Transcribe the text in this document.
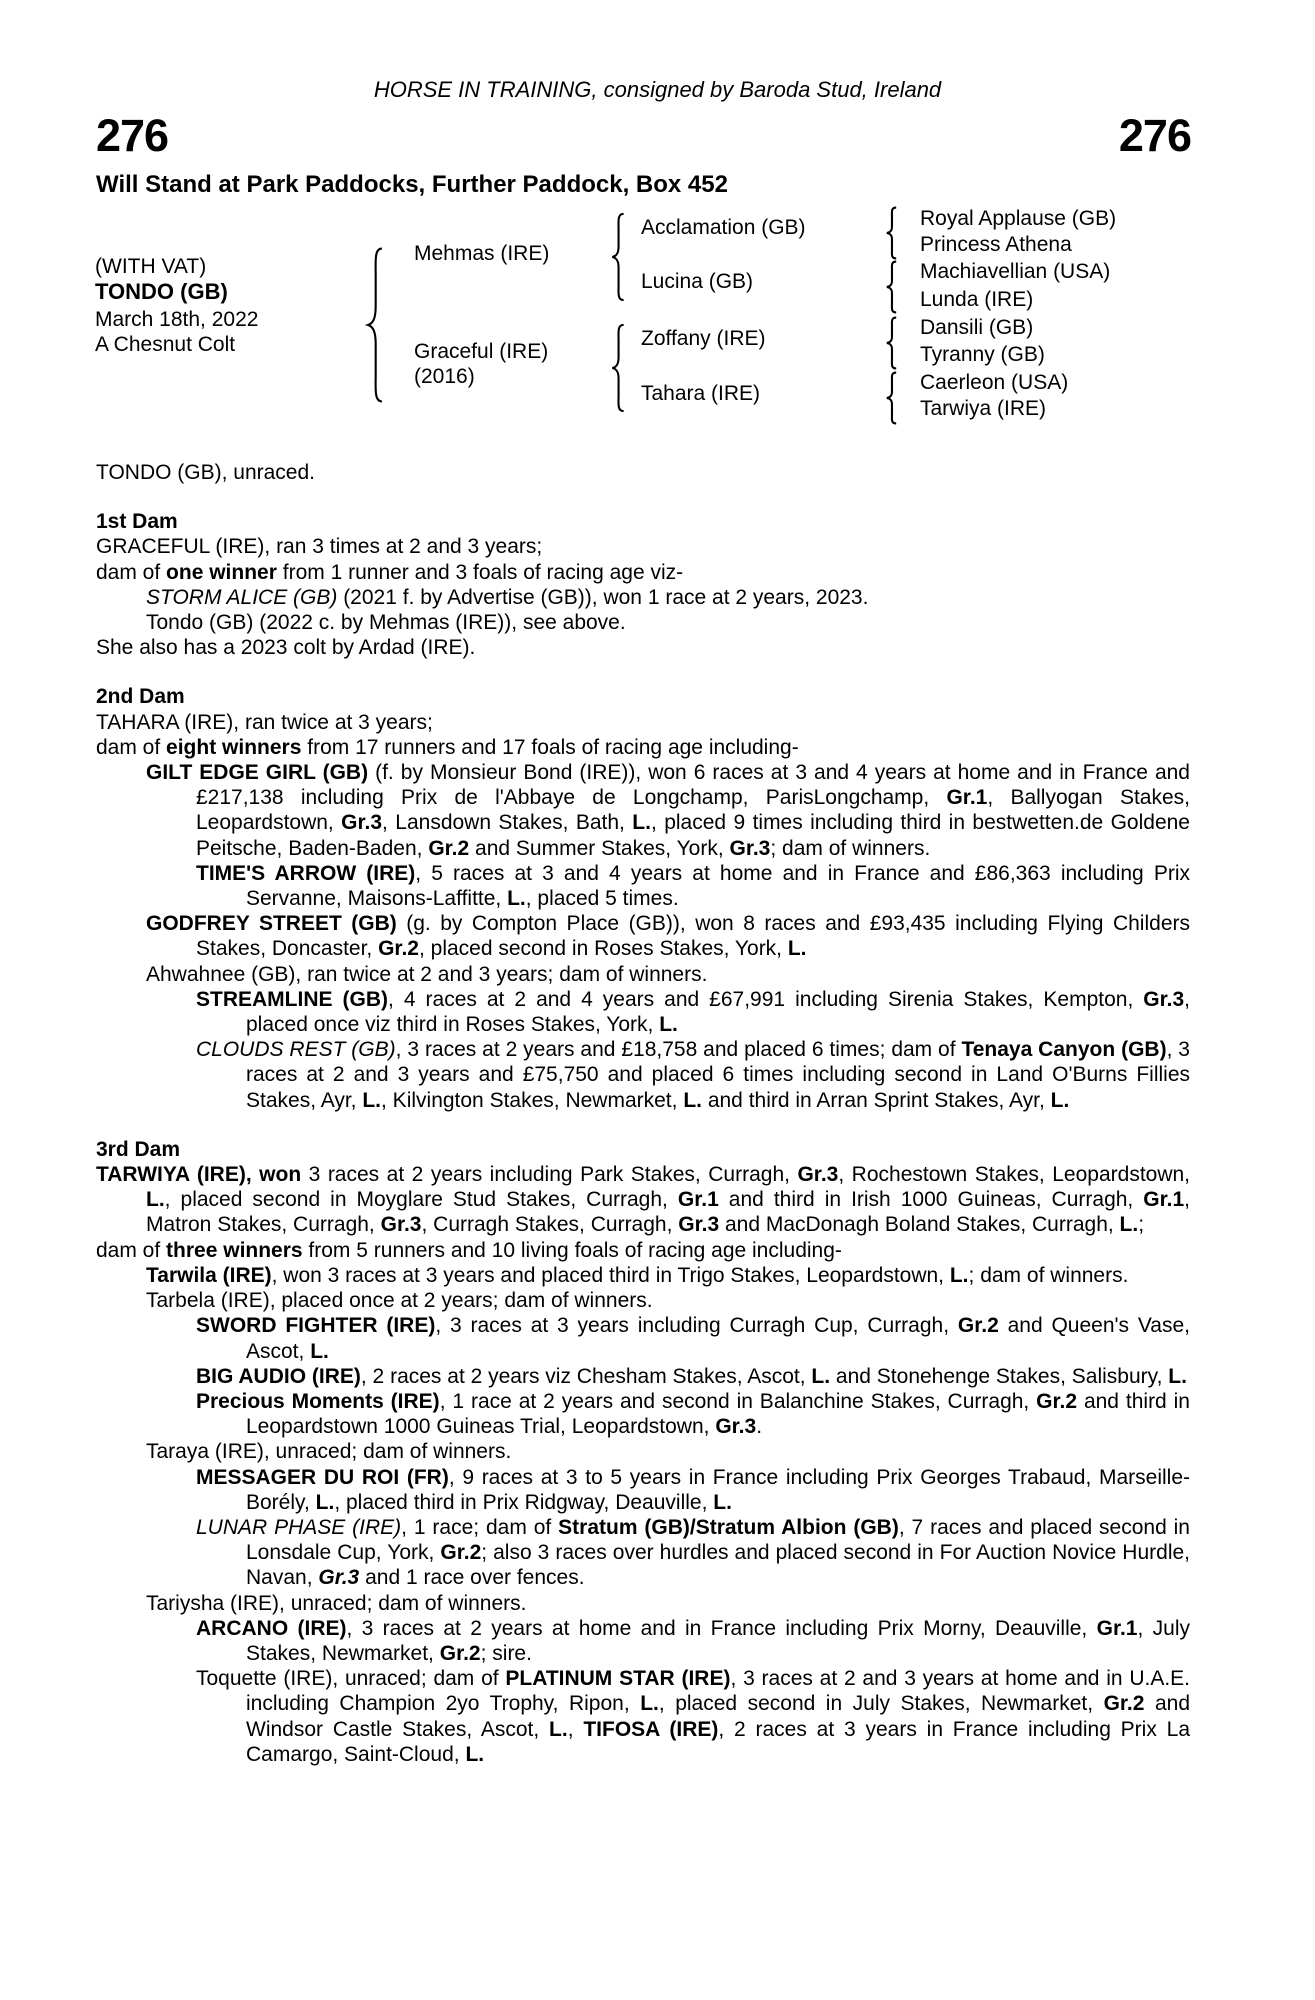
HORSE IN TRAINING, consigned by Baroda Stud, Ireland
276	276
Will Stand at Park Paddocks, Further Paddock, Box 452
(WITH VAT)
TONDO (GB)
March 18th, 2022
A Chesnut Colt
Mehmas (IRE)
Graceful (IRE)
(2016)
Acclamation (GB)
Lucina (GB)
Zoffany (IRE)
Tahara (IRE)
Royal Applause (GB)
Princess Athena
Machiavellian (USA)
Lunda (IRE)
Dansili (GB)
Tyranny (GB)
Caerleon (USA)
Tarwiya (IRE)

TONDO (GB), unraced.

1st Dam

GRACEFUL (IRE), ran 3 times at 2 and 3 years;

dam of one winner from 1 runner and 3 foals of racing age viz-

STORM ALICE (GB) (2021 f. by Advertise (GB)), won 1 race at 2 years, 2023.

Tondo (GB) (2022 c. by Mehmas (IRE)), see above.

She also has a 2023 colt by Ardad (IRE).

2nd Dam

TAHARA (IRE), ran twice at 3 years;

dam of eight winners from 17 runners and 17 foals of racing age including-

GILT EDGE GIRL (GB) (f. by Monsieur Bond (IRE)), won 6 races at 3 and 4 years at home and in France and £217,138 including Prix de l'Abbaye de Longchamp, ParisLongchamp, Gr.1, Ballyogan Stakes, Leopardstown, Gr.3, Lansdown Stakes, Bath, L., placed 9 times including third in bestwetten.de Goldene Peitsche, Baden-Baden, Gr.2 and Summer Stakes, York, Gr.3; dam of winners.

TIME'S ARROW (IRE), 5 races at 3 and 4 years at home and in France and £86,363 including Prix Servanne, Maisons-Laffitte, L., placed 5 times.

GODFREY STREET (GB) (g. by Compton Place (GB)), won 8 races and £93,435 including Flying Childers Stakes, Doncaster, Gr.2, placed second in Roses Stakes, York, L.

Ahwahnee (GB), ran twice at 2 and 3 years; dam of winners.

STREAMLINE (GB), 4 races at 2 and 4 years and £67,991 including Sirenia Stakes, Kempton, Gr.3, placed once viz third in Roses Stakes, York, L.

CLOUDS REST (GB), 3 races at 2 years and £18,758 and placed 6 times; dam of Tenaya Canyon (GB), 3 races at 2 and 3 years and £75,750 and placed 6 times including second in Land O'Burns Fillies Stakes, Ayr, L., Kilvington Stakes, Newmarket, L. and third in Arran Sprint Stakes, Ayr, L.

3rd Dam

TARWIYA (IRE), won 3 races at 2 years including Park Stakes, Curragh, Gr.3, Rochestown Stakes, Leopardstown, L., placed second in Moyglare Stud Stakes, Curragh, Gr.1 and third in Irish 1000 Guineas, Curragh, Gr.1, Matron Stakes, Curragh, Gr.3, Curragh Stakes, Curragh, Gr.3 and MacDonagh Boland Stakes, Curragh, L.;

dam of three winners from 5 runners and 10 living foals of racing age including-

Tarwila (IRE), won 3 races at 3 years and placed third in Trigo Stakes, Leopardstown, L.; dam of winners.

Tarbela (IRE), placed once at 2 years; dam of winners.

SWORD FIGHTER (IRE), 3 races at 3 years including Curragh Cup, Curragh, Gr.2 and Queen's Vase, Ascot, L.

BIG AUDIO (IRE), 2 races at 2 years viz Chesham Stakes, Ascot, L. and Stonehenge Stakes, Salisbury, L.

Precious Moments (IRE), 1 race at 2 years and second in Balanchine Stakes, Curragh, Gr.2 and third in Leopardstown 1000 Guineas Trial, Leopardstown, Gr.3.

Taraya (IRE), unraced; dam of winners.

MESSAGER DU ROI (FR), 9 races at 3 to 5 years in France including Prix Georges Trabaud, Marseille-Borély, L., placed third in Prix Ridgway, Deauville, L.

LUNAR PHASE (IRE), 1 race; dam of Stratum (GB)/Stratum Albion (GB), 7 races and placed second in Lonsdale Cup, York, Gr.2; also 3 races over hurdles and placed second in For Auction Novice Hurdle, Navan, Gr.3 and 1 race over fences.

Tariysha (IRE), unraced; dam of winners.

ARCANO (IRE), 3 races at 2 years at home and in France including Prix Morny, Deauville, Gr.1, July Stakes, Newmarket, Gr.2; sire.

Toquette (IRE), unraced; dam of PLATINUM STAR (IRE), 3 races at 2 and 3 years at home and in U.A.E. including Champion 2yo Trophy, Ripon, L., placed second in July Stakes, Newmarket, Gr.2 and Windsor Castle Stakes, Ascot, L., TIFOSA (IRE), 2 races at 3 years in France including Prix La Camargo, Saint-Cloud, L.
